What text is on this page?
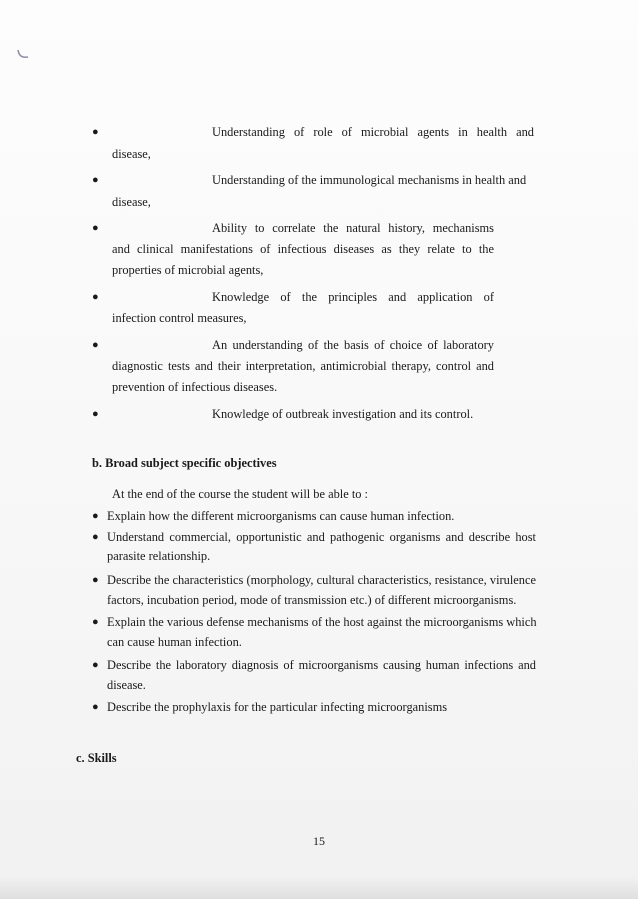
●	Understanding of role of microbial agents in health and
disease,
●	Understanding of the immunological mechanisms in health and
disease,
●	Ability to correlate the natural history, mechanisms
and clinical manifestations of infectious diseases as they relate to the
properties of microbial agents,
●	Knowledge of the principles and application of
infection control measures,
●	An understanding of the basis of choice of laboratory
diagnostic tests and their interpretation, antimicrobial therapy, control and
prevention of infectious diseases.
●	Knowledge of outbreak investigation and its control.
b. Broad subject specific objectives
At the end of the course the student will be able to :
● Explain how the different microorganisms can cause human infection.
● Understand commercial, opportunistic and pathogenic organisms and describe host
parasite relationship.
● Describe the characteristics (morphology, cultural characteristics, resistance, virulence
factors, incubation period, mode of transmission etc.) of different microorganisms.
● Explain the various defense mechanisms of the host against the microorganisms which
can cause human infection.
● Describe the laboratory diagnosis of microorganisms causing human infections and
disease.
● Describe the prophylaxis for the particular infecting microorganisms
c. Skills
15
